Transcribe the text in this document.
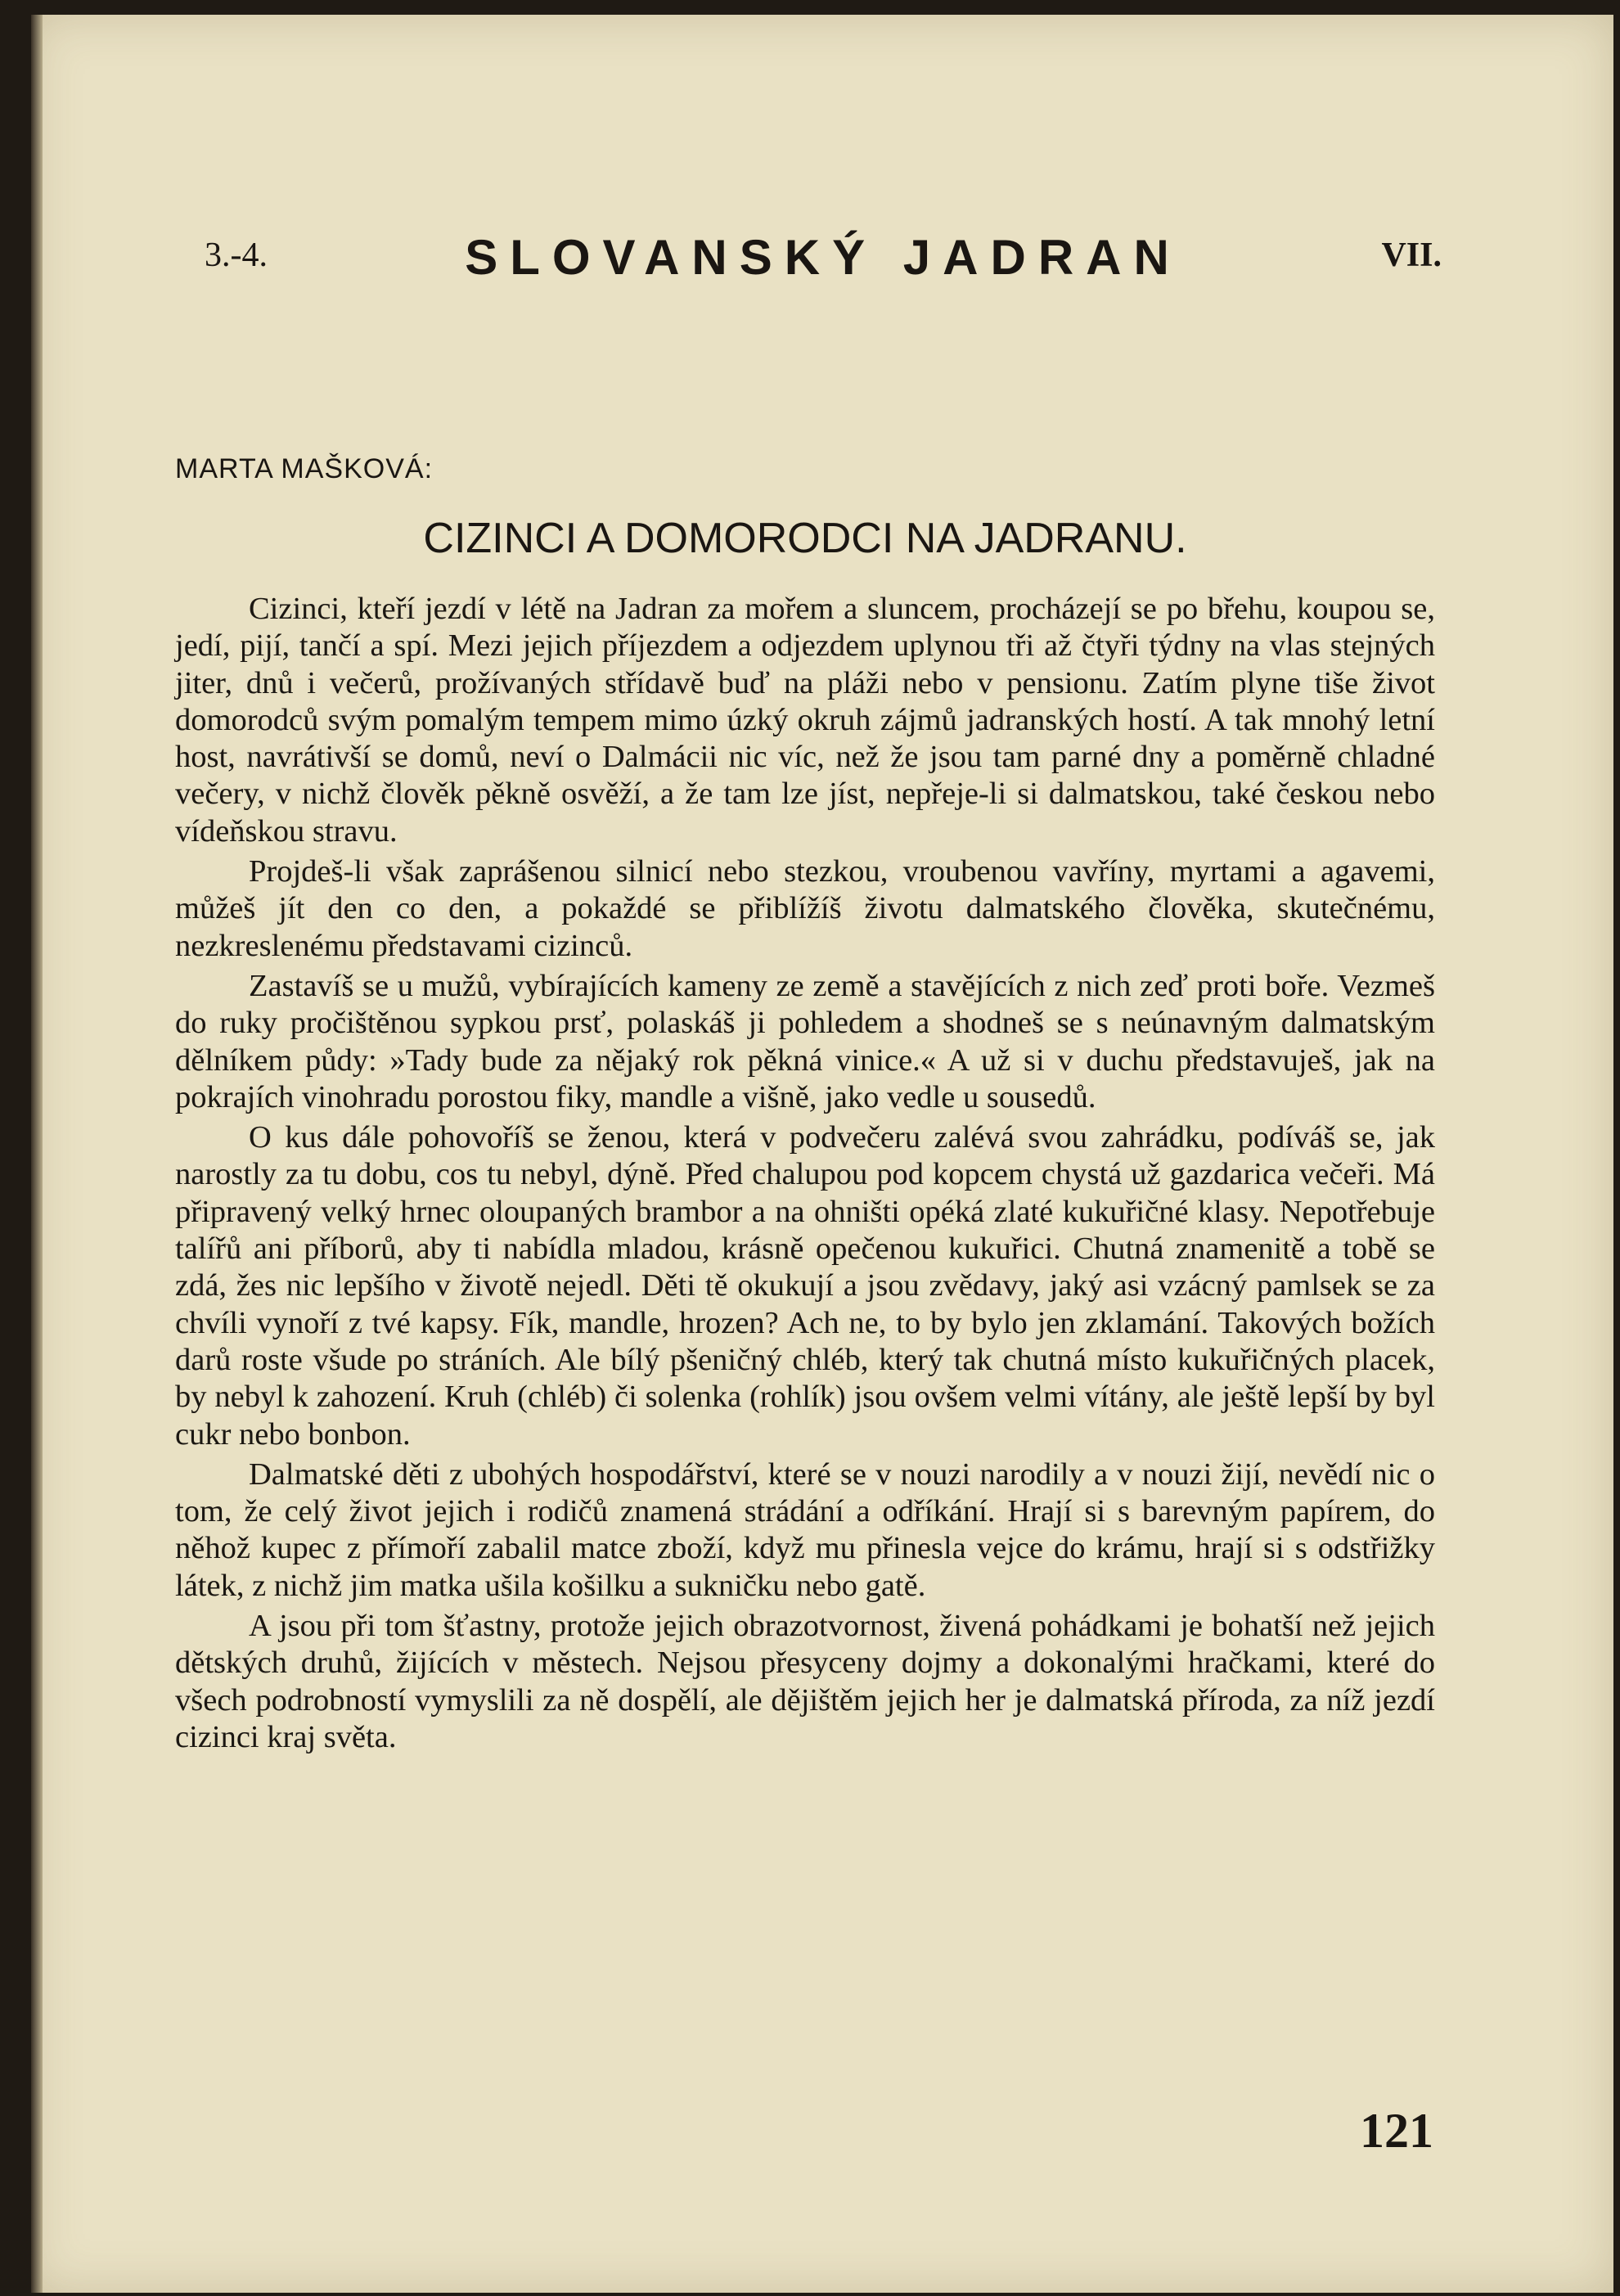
3.-4.	SLOVANSKÝ JADRAN	VII.
MARTA MAŠKOVÁ:
CIZINCI A DOMORODCI NA JADRANU.

Cizinci, kteří jezdí v létě na Jadran za mořem a sluncem, procházejí se po břehu, koupou se, jedí, pijí, tančí a spí. Mezi jejich příjezdem a odjezdem uplynou tři až čtyři týdny na vlas stejných jiter, dnů i večerů, prožívaných střídavě buď na pláži nebo v pensionu. Zatím plyne tiše život domorodců svým pomalým tempem mimo úzký okruh zájmů jadranských hostí. A tak mnohý letní host, navrátivší se domů, neví o Dalmácii nic víc, než že jsou tam parné dny a poměrně chladné večery, v nichž člověk pěkně osvěží, a že tam lze jíst, nepřeje-li si dalmatskou, také českou nebo vídeňskou stravu.

Projdeš-li však zaprášenou silnicí nebo stezkou, vroubenou vavříny, myrtami a agavemi, můžeš jít den co den, a pokaždé se přiblížíš životu dalmatského člověka, skutečnému, nezkreslenému představami cizinců.

Zastavíš se u mužů, vybírajících kameny ze země a stavějících z nich zeď proti boře. Vezmeš do ruky pročištěnou sypkou prsť, polaskáš ji pohledem a shodneš se s neúnavným dalmatským dělníkem půdy: »Tady bude za nějaký rok pěkná vinice.« A už si v duchu představuješ, jak na pokrajích vinohradu porostou fiky, mandle a višně, jako vedle u sousedů.

O kus dále pohovoříš se ženou, která v podvečeru zalévá svou zahrádku, podíváš se, jak narostly za tu dobu, cos tu nebyl, dýně. Před chalupou pod kopcem chystá už gazdarica večeři. Má připravený velký hrnec oloupaných brambor a na ohništi opéká zlaté kukuřičné klasy. Nepotřebuje talířů ani příborů, aby ti nabídla mladou, krásně opečenou kukuřici. Chutná znamenitě a tobě se zdá, žes nic lepšího v životě nejedl. Děti tě okukují a jsou zvědavy, jaký asi vzácný pamlsek se za chvíli vynoří z tvé kapsy. Fík, mandle, hrozen? Ach ne, to by bylo jen zklamání. Takových božích darů roste všude po stráních. Ale bílý pšeničný chléb, který tak chutná místo kukuřičných placek, by nebyl k zahození. Kruh (chléb) či solenka (rohlík) jsou ovšem velmi vítány, ale ještě lepší by byl cukr nebo bonbon.

Dalmatské děti z ubohých hospodářství, které se v nouzi narodily a v nouzi žijí, nevědí nic o tom, že celý život jejich i rodičů znamená strádání a odříkání. Hrají si s barevným papírem, do něhož kupec z přímoří zabalil matce zboží, když mu přinesla vejce do krámu, hrají si s odstřižky látek, z nichž jim matka ušila košilku a sukničku nebo gatě.

A jsou při tom šťastny, protože jejich obrazotvornost, živená pohádkami je bohatší než jejich dětských druhů, žijících v městech. Nejsou přesyceny dojmy a dokonalými hračkami, které do všech podrobností vymyslili za ně dospělí, ale dějištěm jejich her je dalmatská příroda, za níž jezdí cizinci kraj světa.

121
